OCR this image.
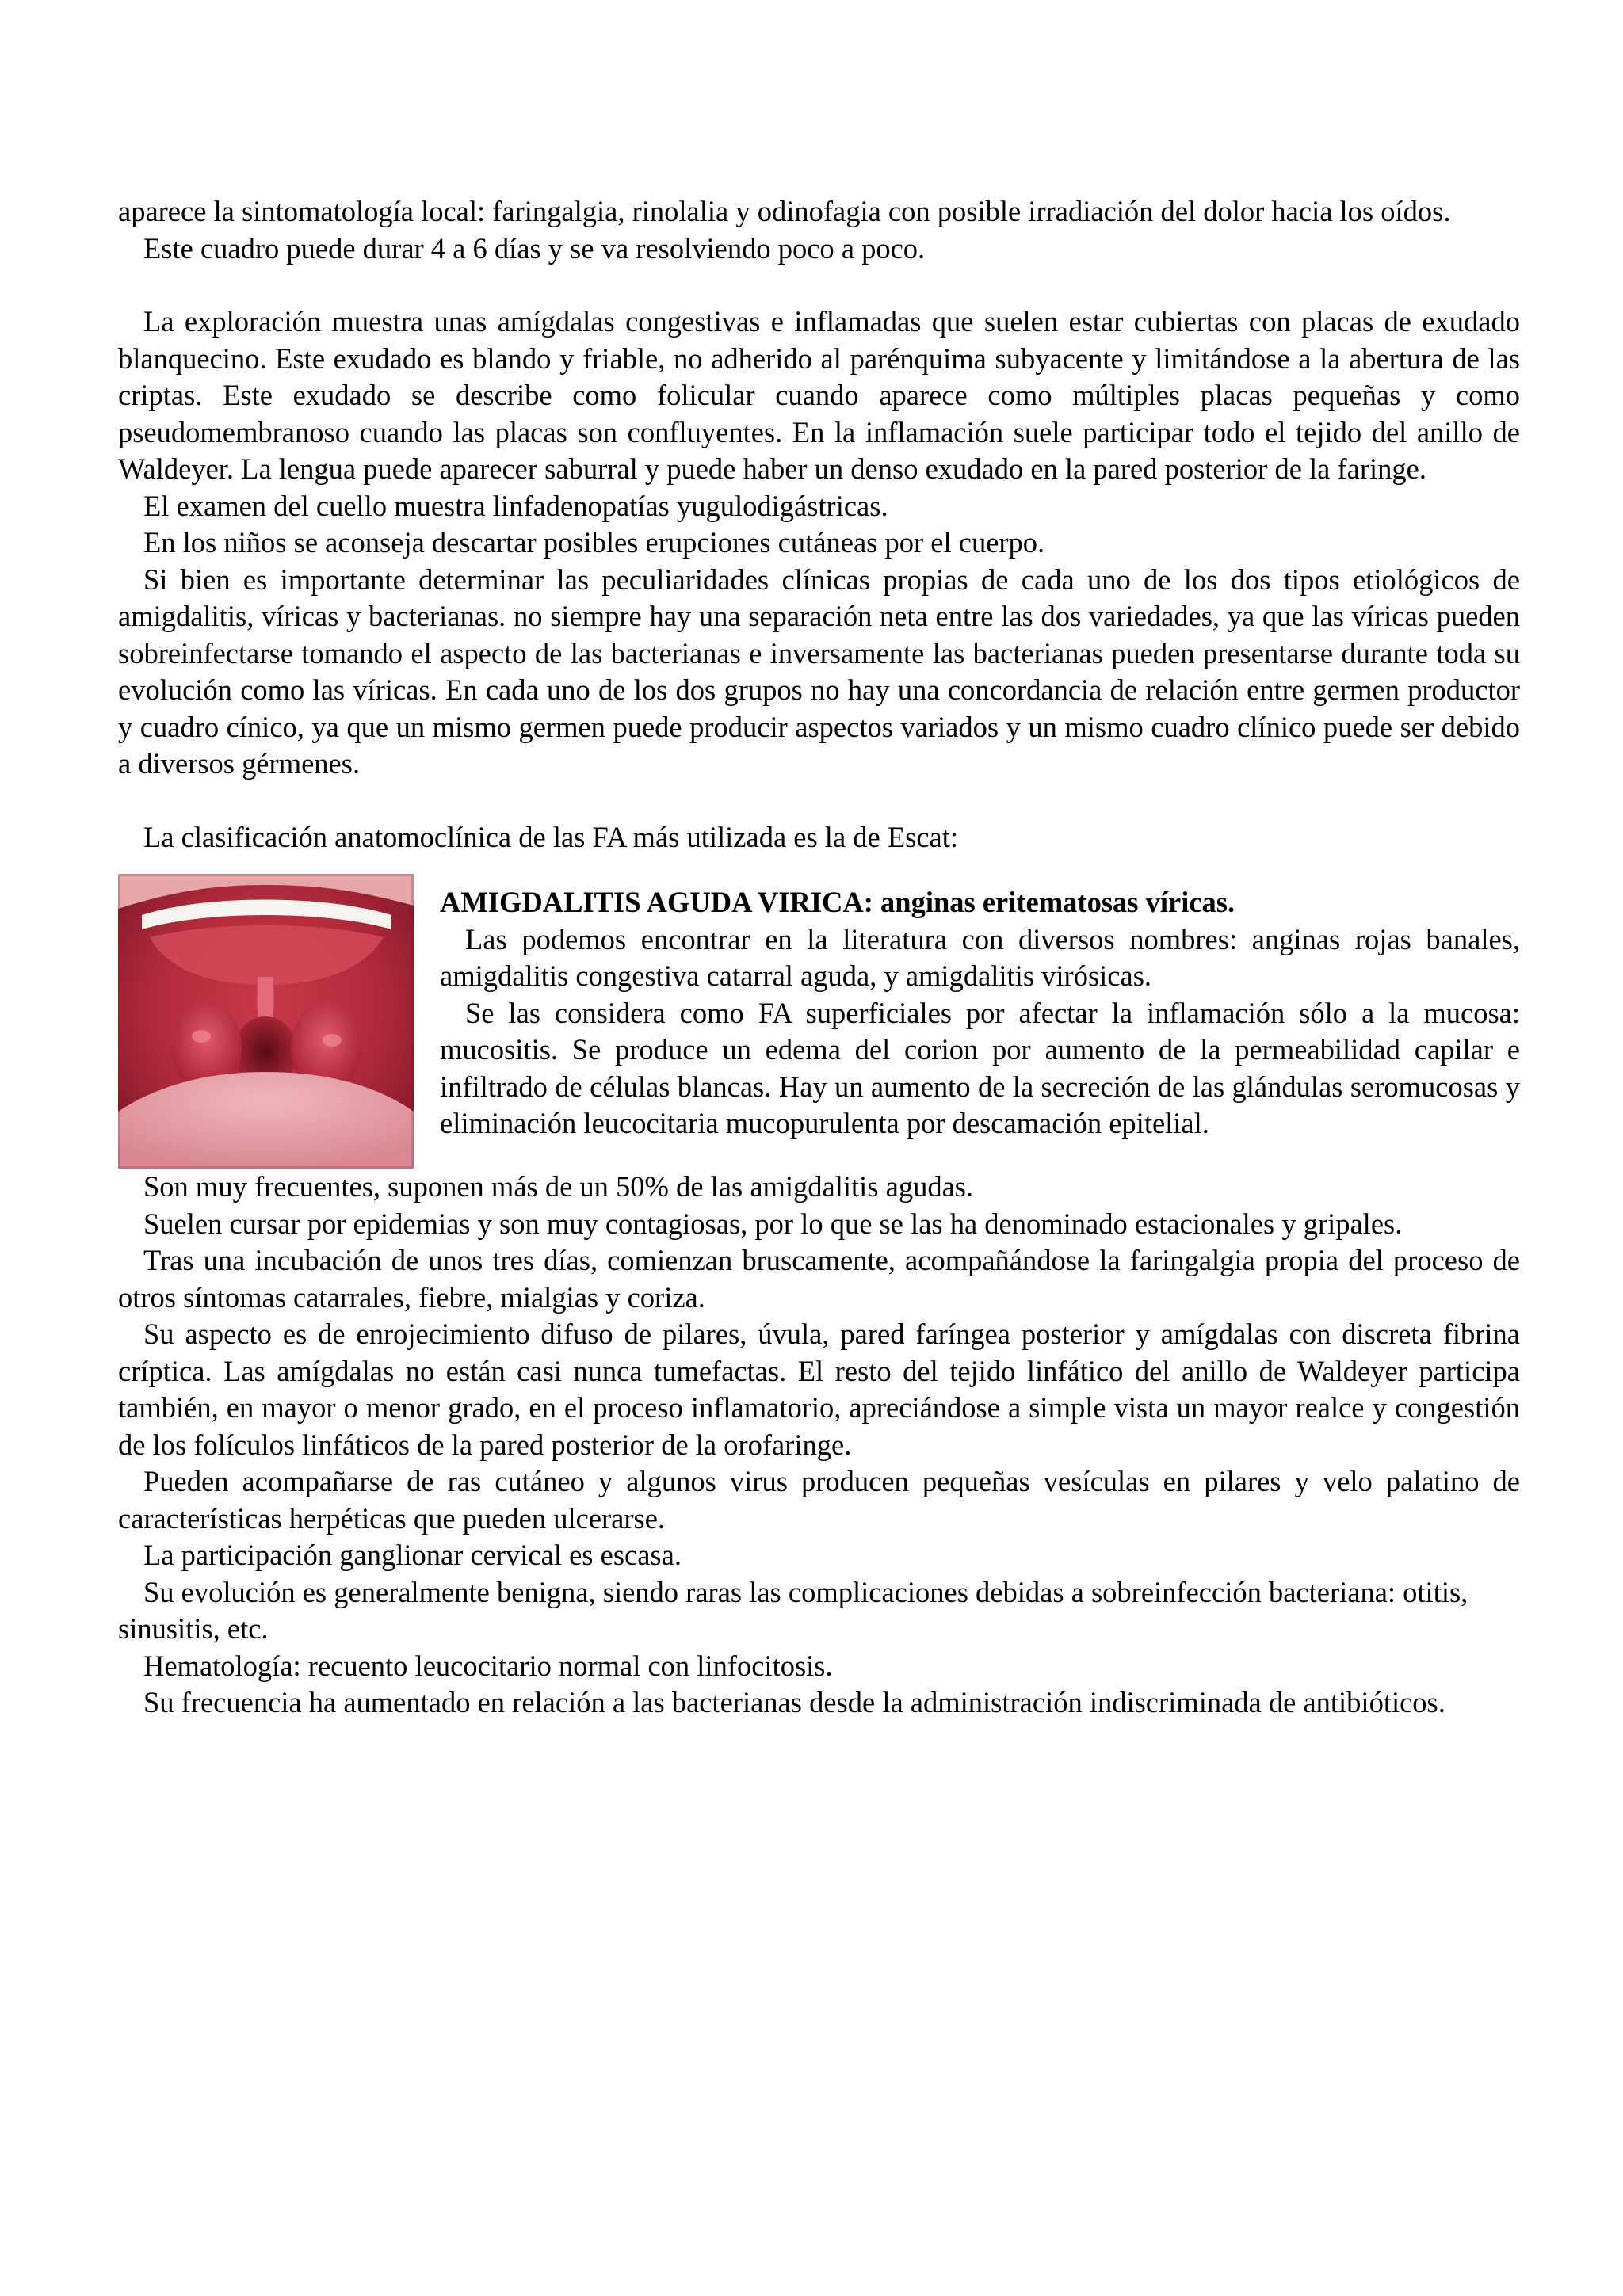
aparece la sintomatología local: faringalgia, rinolalia y odinofagia con posible irradiación del dolor hacia los oídos.

Este cuadro puede durar 4 a 6 días y se va resolviendo poco a poco.

La exploración muestra unas amígdalas congestivas e inflamadas que suelen estar cubiertas con placas de exudado blanquecino. Este exudado es blando y friable, no adherido al parénquima subyacente y limitándose a la abertura de las criptas. Este exudado se describe como folicular cuando aparece como múltiples placas pequeñas y como pseudomembranoso cuando las placas son confluyentes. En la inflamación suele participar todo el tejido del anillo de Waldeyer. La lengua puede aparecer saburral y puede haber un denso exudado en la pared posterior de la faringe.

El examen del cuello muestra linfadenopatías yugulodigástricas.

En los niños se aconseja descartar posibles erupciones cutáneas por el cuerpo.

Si bien es importante determinar las peculiaridades clínicas propias de cada uno de los dos tipos etiológicos de amigdalitis, víricas y bacterianas. no siempre hay una separación neta entre las dos variedades, ya que las víricas pueden sobreinfectarse tomando el aspecto de las bacterianas e inversamente las bacterianas pueden presentarse durante toda su evolución como las víricas. En cada uno de los dos grupos no hay una concordancia de relación entre germen productor y cuadro cínico, ya que un mismo germen puede producir aspectos variados y un mismo cuadro clínico puede ser debido a diversos gérmenes.

La clasificación anatomoclínica de las FA más utilizada es la de Escat:

AMIGDALITIS AGUDA VIRICA: anginas eritematosas víricas.

Las podemos encontrar en la literatura con diversos nombres: anginas rojas banales, amigdalitis congestiva catarral aguda, y amigdalitis virósicas.

Se las considera como FA superficiales por afectar la inflamación sólo a la mucosa: mucositis. Se produce un edema del corion por aumento de la permeabilidad capilar e infiltrado de células blancas. Hay un aumento de la secreción de las glándulas seromucosas y eliminación leucocitaria mucopurulenta por descamación epitelial.

Son muy frecuentes, suponen más de un 50% de las amigdalitis agudas.

Suelen cursar por epidemias y son muy contagiosas, por lo que se las ha denominado estacionales y gripales.

Tras una incubación de unos tres días, comienzan bruscamente, acompañándose la faringalgia propia del proceso de otros síntomas catarrales, fiebre, mialgias y coriza.

Su aspecto es de enrojecimiento difuso de pilares, úvula, pared faríngea posterior y amígdalas con discreta fibrina críptica. Las amígdalas no están casi nunca tumefactas. El resto del tejido linfático del anillo de Waldeyer participa también, en mayor o menor grado, en el proceso inflamatorio, apreciándose a simple vista un mayor realce y congestión de los folículos linfáticos de la pared posterior de la orofaringe.

Pueden acompañarse de ras cutáneo y algunos virus producen pequeñas vesículas en pilares y velo palatino de características herpéticas que pueden ulcerarse.

La participación ganglionar cervical es escasa.

Su evolución es generalmente benigna, siendo raras las complicaciones debidas a sobreinfección bacteriana: otitis, sinusitis, etc.

Hematología: recuento leucocitario normal con linfocitosis.

Su frecuencia ha aumentado en relación a las bacterianas desde la administración indiscriminada de antibióticos.
